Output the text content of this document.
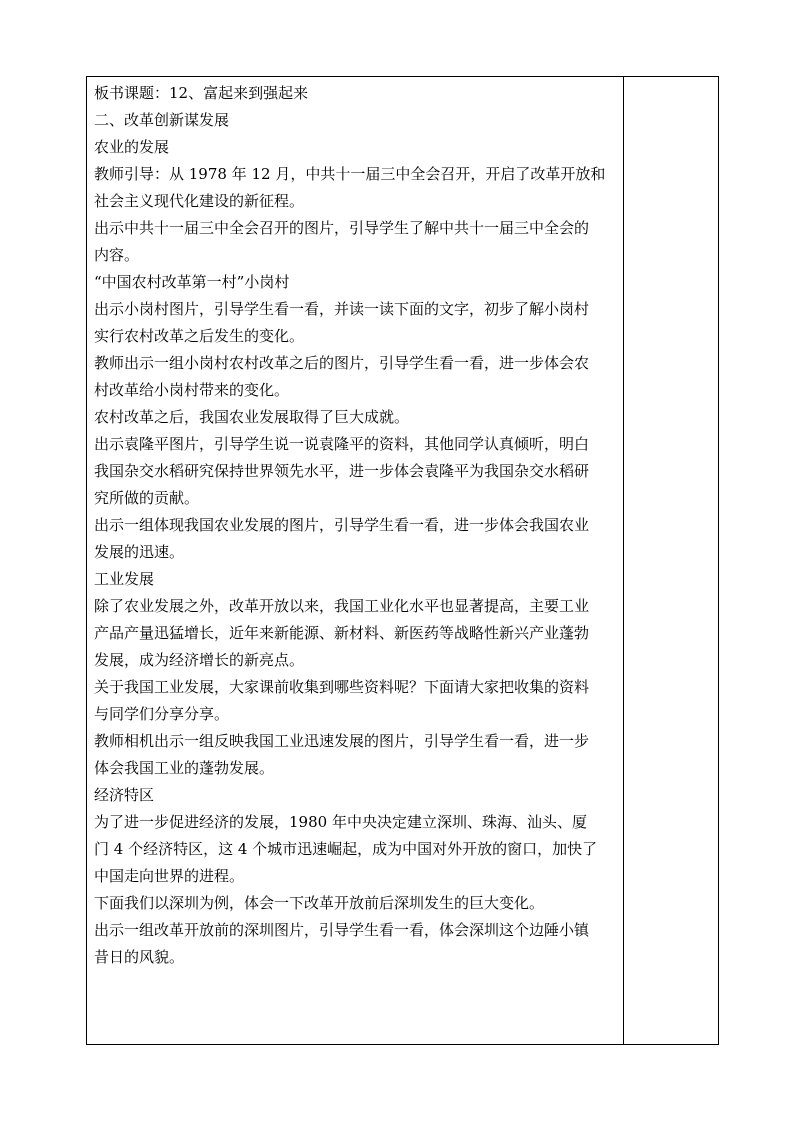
板书课题：12、富起来到强起来
二、改革创新谋发展
农业的发展
教师引导：从 1978 年 12 月，中共十一届三中全会召开，开启了改革开放和
社会主义现代化建设的新征程。
出示中共十一届三中全会召开的图片，引导学生了解中共十一届三中全会的
内容。
“中国农村改革第一村”小岗村
出示小岗村图片，引导学生看一看，并读一读下面的文字，初步了解小岗村
实行农村改革之后发生的变化。
教师出示一组小岗村农村改革之后的图片，引导学生看一看，进一步体会农
村改革给小岗村带来的变化。
农村改革之后，我国农业发展取得了巨大成就。
出示袁隆平图片，引导学生说一说袁隆平的资料，其他同学认真倾听，明白
我国杂交水稻研究保持世界领先水平，进一步体会袁隆平为我国杂交水稻研
究所做的贡献。
出示一组体现我国农业发展的图片，引导学生看一看，进一步体会我国农业
发展的迅速。
工业发展
除了农业发展之外，改革开放以来，我国工业化水平也显著提高，主要工业
产品产量迅猛增长，近年来新能源、新材料、新医药等战略性新兴产业蓬勃
发展，成为经济增长的新亮点。
关于我国工业发展，大家课前收集到哪些资料呢？下面请大家把收集的资料
与同学们分享分享。
教师相机出示一组反映我国工业迅速发展的图片，引导学生看一看，进一步
体会我国工业的蓬勃发展。
经济特区
为了进一步促进经济的发展，1980 年中央决定建立深圳、珠海、汕头、厦
门 4 个经济特区，这 4 个城市迅速崛起，成为中国对外开放的窗口，加快了
中国走向世界的进程。
下面我们以深圳为例，体会一下改革开放前后深圳发生的巨大变化。
出示一组改革开放前的深圳图片，引导学生看一看，体会深圳这个边陲小镇
昔日的风貌。
